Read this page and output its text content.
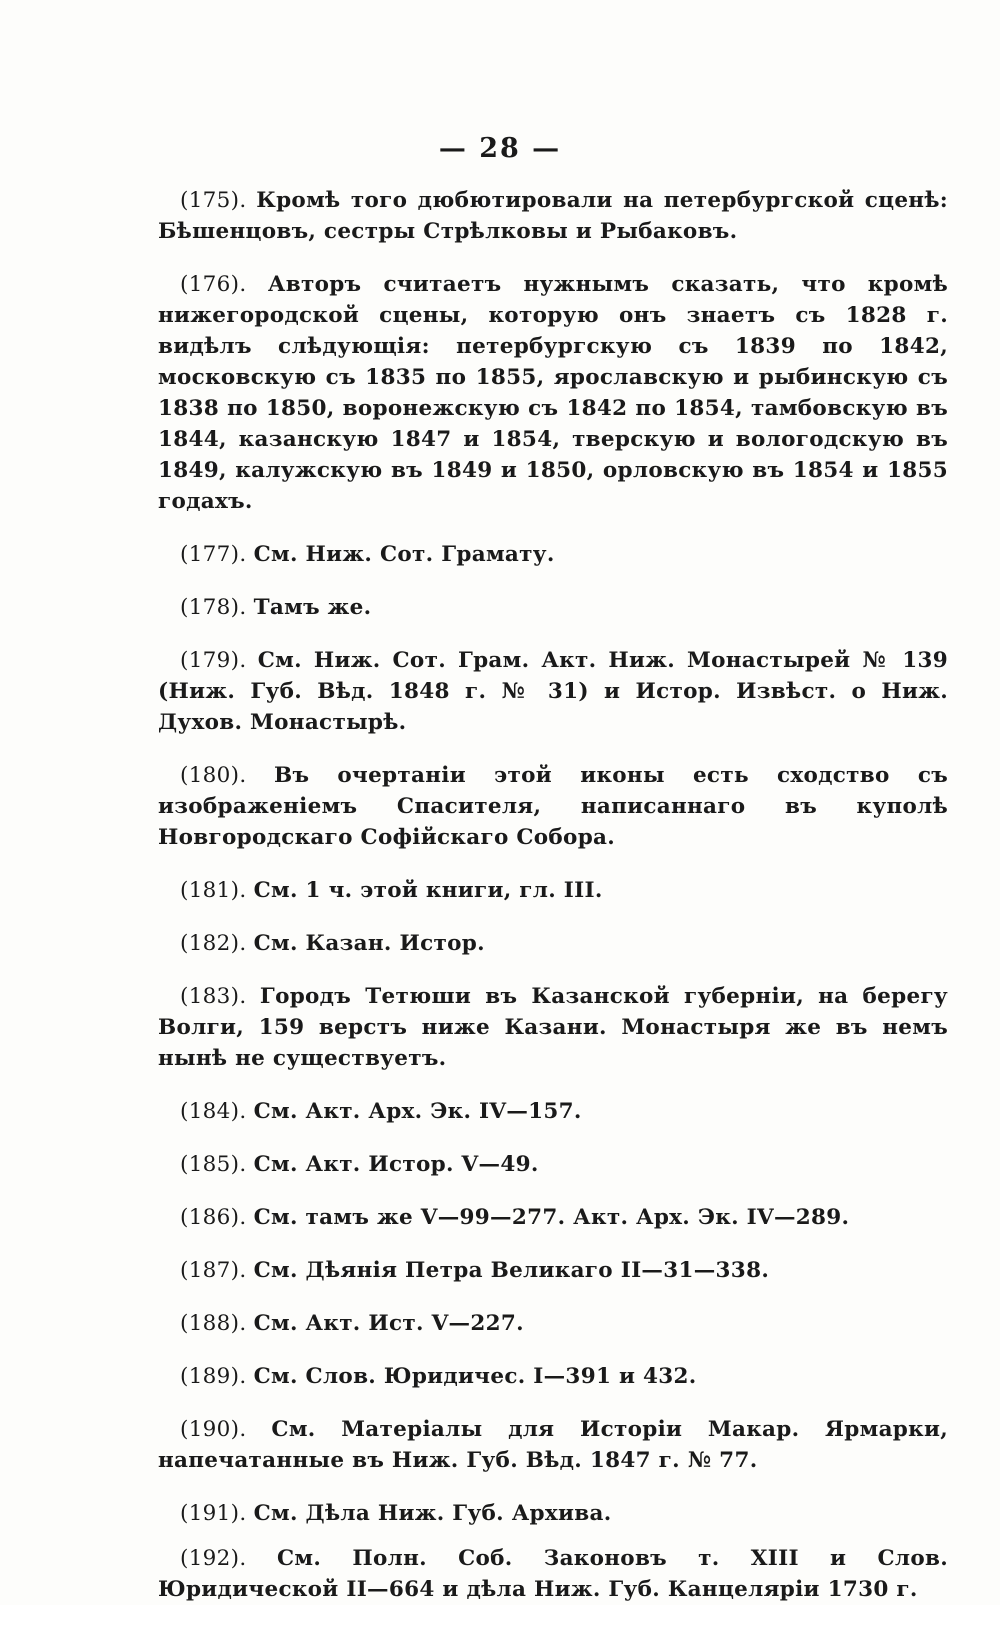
— 28 —

(175). Кромѣ того дюбютировали на петербургской сценѣ: Бѣшенцовъ, сестры Стрѣлковы и Рыбаковъ.

(176). Авторъ считаетъ нужнымъ сказать, что кромѣ нижегородской сцены, которую онъ знаетъ съ 1828 г. видѣлъ слѣдующія: петербургскую съ 1839 по 1842, московскую съ 1835 по 1855, ярославскую и рыбинскую съ 1838 по 1850, воронежскую съ 1842 по 1854, тамбовскую въ 1844, казанскую 1847 и 1854, тверскую и вологодскую въ 1849, калужскую въ 1849 и 1850, орловскую въ 1854 и 1855 годахъ.

(177). См. Ниж. Сот. Грамату.

(178). Тамъ же.

(179). См. Ниж. Сот. Грам. Акт. Ниж. Монастырей № 139 (Ниж. Губ. Вѣд. 1848 г. № 31) и Истор. Извѣст. о Ниж. Духов. Монастырѣ.

(180). Въ очертаніи этой иконы есть сходство съ изображеніемъ Спасителя, написаннаго въ куполѣ Новгородскаго Софійскаго Собора.

(181). См. 1 ч. этой книги, гл. III.

(182). См. Казан. Истор.

(183). Городъ Тетюши въ Казанской губерніи, на берегу Волги, 159 верстъ ниже Казани. Монастыря же въ немъ нынѣ не существуетъ.

(184). См. Акт. Арх. Эк. IV—157.

(185). См. Акт. Истор. V—49.

(186). См. тамъ же V—99—277. Акт. Арх. Эк. IV—289.

(187). См. Дѣянія Петра Великаго II—31—338.

(188). См. Акт. Ист. V—227.

(189). См. Слов. Юридичес. I—391 и 432.

(190). См. Матеріалы для Исторіи Макар. Ярмарки, напечатанные въ Ниж. Губ. Вѣд. 1847 г. № 77.

(191). См. Дѣла Ниж. Губ. Архива.

(192). См. Полн. Соб. Законовъ т. XIII и Слов. Юридической II—664 и дѣла Ниж. Губ. Канцеляріи 1730 г.
